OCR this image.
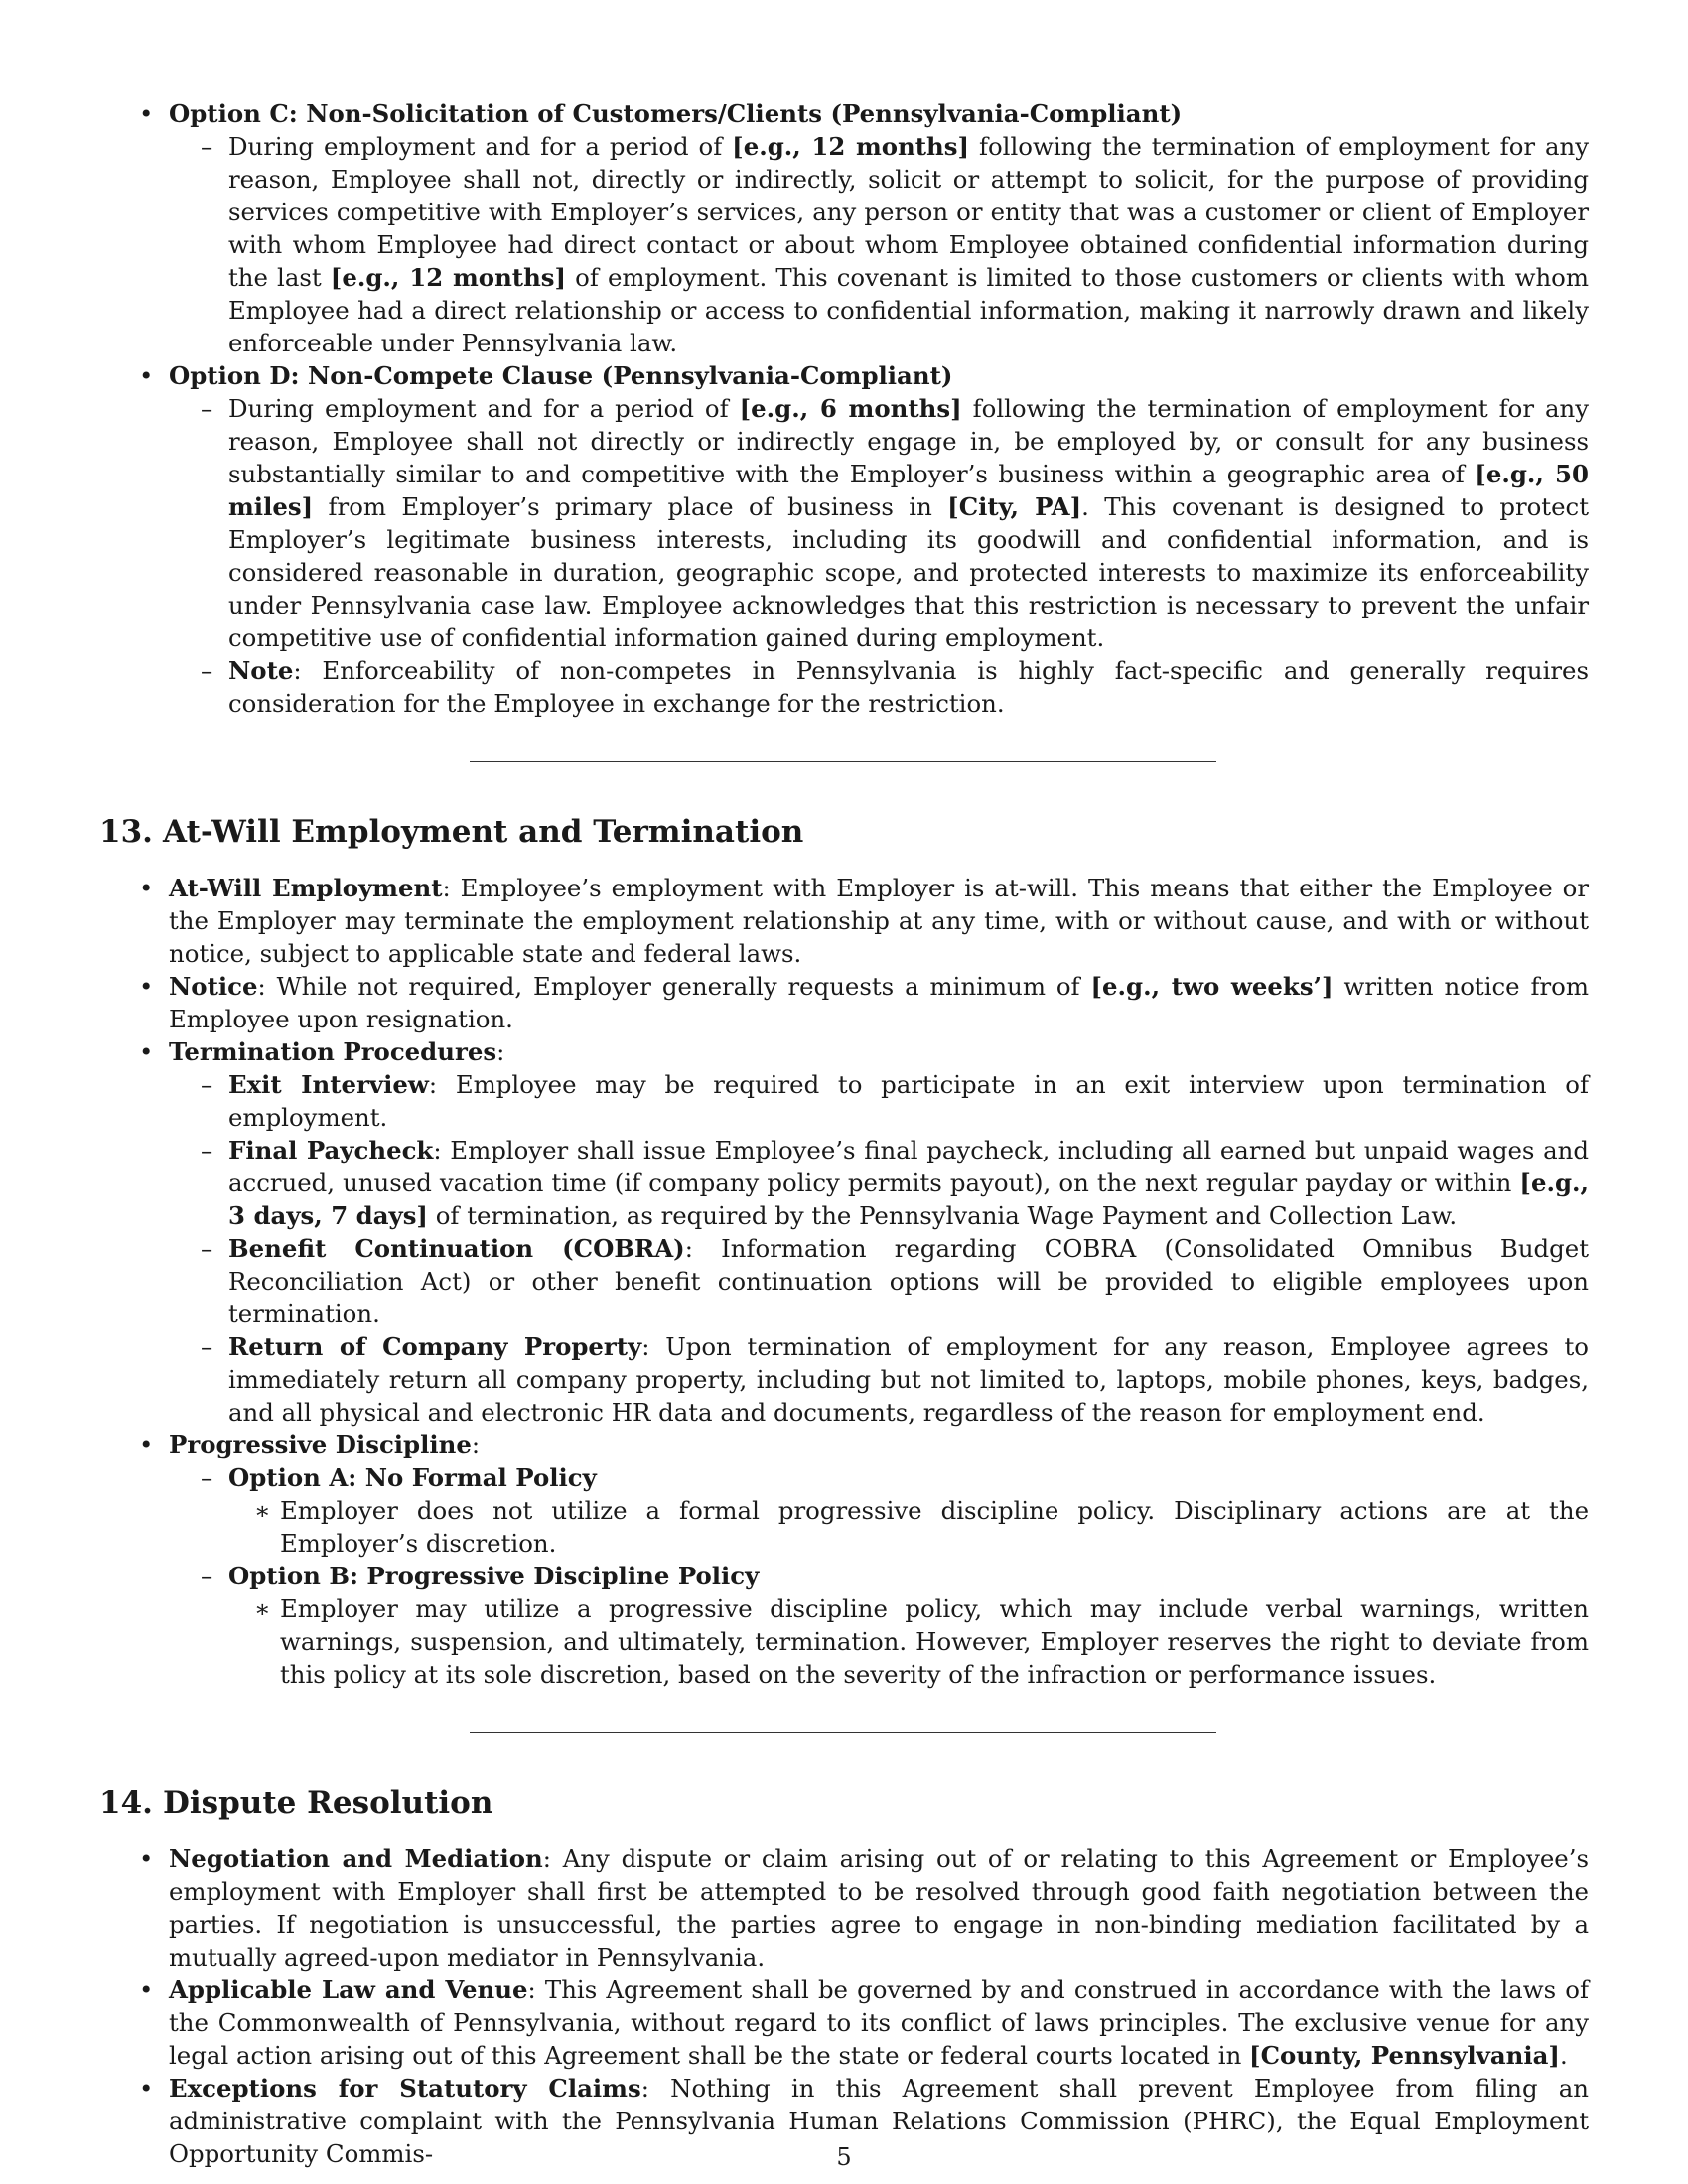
• Option C: Non-Solicitation of Customers/Clients (Pennsylvania-Compliant)
– During employment and for a period of [e.g., 12 months] following the termination of employment for any reason, Employee shall not, directly or indirectly, solicit or attempt to solicit, for the purpose of providing services competitive with Employer’s services, any person or entity that was a customer or client of Employer with whom Employee had direct contact or about whom Employee obtained confidential information during the last [e.g., 12 months] of employment. This covenant is limited to those customers or clients with whom Employee had a direct relationship or access to confidential information, making it narrowly drawn and likely enforceable under Pennsylvania law.
• Option D: Non-Compete Clause (Pennsylvania-Compliant)
– During employment and for a period of [e.g., 6 months] following the termination of employment for any reason, Employee shall not directly or indirectly engage in, be employed by, or consult for any business substantially similar to and competitive with the Employer’s business within a geographic area of [e.g., 50 miles] from Employer’s primary place of business in [City, PA]. This covenant is designed to protect Employer’s legitimate business interests, including its goodwill and confidential information, and is considered reasonable in duration, geographic scope, and protected interests to maximize its enforceability under Pennsylvania case law. Employee acknowledges that this restriction is necessary to prevent the unfair competitive use of confidential information gained during employment.
– Note: Enforceability of non-competes in Pennsylvania is highly fact-specific and generally requires consideration for the Employee in exchange for the restriction.
13. At-Will Employment and Termination
• At-Will Employment: Employee’s employment with Employer is at-will. This means that either the Employee or the Employer may terminate the employment relationship at any time, with or without cause, and with or without notice, subject to applicable state and federal laws.
• Notice: While not required, Employer generally requests a minimum of [e.g., two weeks’] written notice from Employee upon resignation.
• Termination Procedures:
– Exit Interview: Employee may be required to participate in an exit interview upon termination of employment.
– Final Paycheck: Employer shall issue Employee’s final paycheck, including all earned but unpaid wages and accrued, unused vacation time (if company policy permits payout), on the next regular payday or within [e.g., 3 days, 7 days] of termination, as required by the Pennsylvania Wage Payment and Collection Law.
– Benefit Continuation (COBRA): Information regarding COBRA (Consolidated Omnibus Budget Reconciliation Act) or other benefit continuation options will be provided to eligible employees upon termination.
– Return of Company Property: Upon termination of employment for any reason, Employee agrees to immediately return all company property, including but not limited to, laptops, mobile phones, keys, badges, and all physical and electronic HR data and documents, regardless of the reason for employment end.
• Progressive Discipline:
– Option A: No Formal Policy
∗ Employer does not utilize a formal progressive discipline policy. Disciplinary actions are at the Employer’s discretion.
– Option B: Progressive Discipline Policy
∗ Employer may utilize a progressive discipline policy, which may include verbal warnings, written warnings, suspension, and ultimately, termination. However, Employer reserves the right to deviate from this policy at its sole discretion, based on the severity of the infraction or performance issues.
14. Dispute Resolution
• Negotiation and Mediation: Any dispute or claim arising out of or relating to this Agreement or Employee’s employment with Employer shall first be attempted to be resolved through good faith negotiation between the parties. If negotiation is unsuccessful, the parties agree to engage in non-binding mediation facilitated by a mutually agreed-upon mediator in Pennsylvania.
• Applicable Law and Venue: This Agreement shall be governed by and construed in accordance with the laws of the Commonwealth of Pennsylvania, without regard to its conflict of laws principles. The exclusive venue for any legal action arising out of this Agreement shall be the state or federal courts located in [County, Pennsylvania].
• Exceptions for Statutory Claims: Nothing in this Agreement shall prevent Employee from filing an administrative complaint with the Pennsylvania Human Relations Commission (PHRC), the Equal Employment Opportunity Commis-	5
